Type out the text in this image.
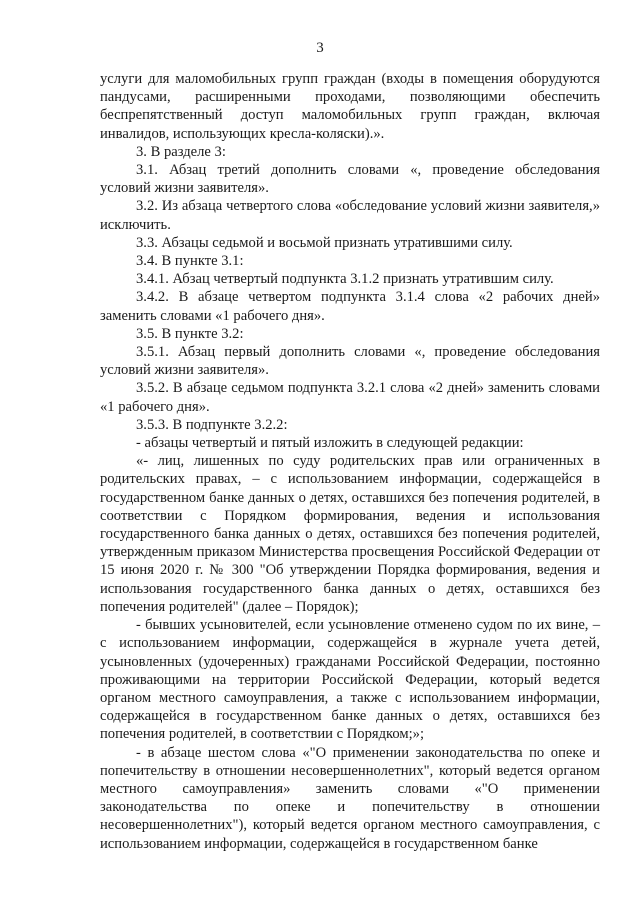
3

услуги для маломобильных групп граждан (входы в помещения оборудуются пандусами, расширенными проходами, позволяющими обеспечить беспрепятственный доступ маломобильных групп граждан, включая инвалидов, использующих кресла-коляски).».

3. В разделе 3:

3.1. Абзац третий дополнить словами «, проведение обследования условий жизни заявителя».

3.2. Из абзаца четвертого слова «обследование условий жизни заявителя,» исключить.

3.3. Абзацы седьмой и восьмой признать утратившими силу.

3.4. В пункте 3.1:

3.4.1. Абзац четвертый подпункта 3.1.2 признать утратившим силу.

3.4.2. В абзаце четвертом подпункта 3.1.4 слова «2 рабочих дней» заменить словами «1 рабочего дня».

3.5. В пункте 3.2:

3.5.1. Абзац первый дополнить словами «, проведение обследования условий жизни заявителя».

3.5.2. В абзаце седьмом подпункта 3.2.1 слова «2 дней» заменить словами «1 рабочего дня».

3.5.3. В подпункте 3.2.2:

- абзацы четвертый и пятый изложить в следующей редакции:

«- лиц, лишенных по суду родительских прав или ограниченных в родительских правах, – с использованием информации, содержащейся в государственном банке данных о детях, оставшихся без попечения родителей, в соответствии с Порядком формирования, ведения и использования государственного банка данных о детях, оставшихся без попечения родителей, утвержденным приказом Министерства просвещения Российской Федерации от 15 июня 2020 г. № 300 "Об утверждении Порядка формирования, ведения и использования государственного банка данных о детях, оставшихся без попечения родителей" (далее – Порядок);

- бывших усыновителей, если усыновление отменено судом по их вине, – с использованием информации, содержащейся в журнале учета детей, усыновленных (удочеренных) гражданами Российской Федерации, постоянно проживающими на территории Российской Федерации, который ведется органом местного самоуправления, а также с использованием информации, содержащейся в государственном банке данных о детях, оставшихся без попечения родителей, в соответствии с Порядком;»;

- в абзаце шестом слова «"О применении законодательства по опеке и попечительству в отношении несовершеннолетних", который ведется органом местного самоуправления» заменить словами «"О применении законодательства по опеке и попечительству в отношении несовершеннолетних"), который ведется органом местного самоуправления, с использованием информации, содержащейся в государственном банке
